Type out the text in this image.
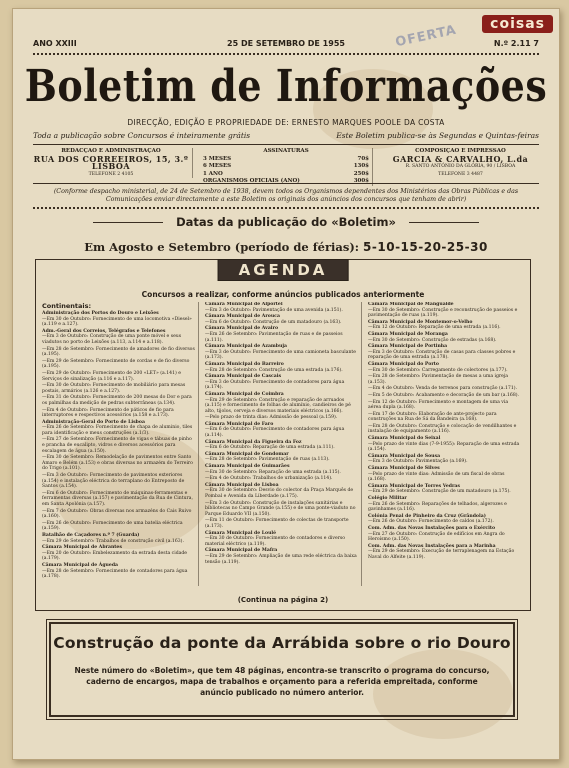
coisas
OFERTA
ANO XXIII	25 DE SETEMBRO DE 1955	N.º 2.11 7
Boletim de Informações
DIRECÇÃO, EDIÇÃO E PROPRIEDADE DE: ERNESTO MARQUES POOLE DA COSTA
Toda a publicação sobre Concursos é inteiramente grátis	Este Boletim publica-se às Segundas e Quintas-feiras
REDACÇÃO E ADMINISTRAÇÃO
RUA DOS CORREEIROS, 15, 3.º
LISBOA
TELEFONE 2 4105
ASSINATURAS
3 MESES	70$
6 MESES	130$
1 ANO	250$
ORGANISMOS OFICIAIS (ANO)	300$
COMPOSIÇÃO E IMPRESSÃO
GARCIA & CARVALHO, L.da
R. SANTO ANTÓNIO DA GLÓRIA, 90 / LISBOA
TELEFONE 3 4487
(Conforme despacho ministerial, de 24 de Setembro de 1938, devem todos os Organismos dependentes dos Ministérios das Obras Públicas e das Comunicações enviar directamente a este Boletim os originais dos anúncios dos concursos que tenham de abrir)
Datas da publicação do «Boletim»
Em Agosto e Setembro (período de férias): 5-10-15-20-25-30
AGENDA
Concursos a realizar, conforme anúncios publicados anteriormente
Continentais:
Administração dos Portos do Douro e Leixões
—Em 30 de Outubro: Fornecimento de uma locomotiva «Diesel» (a.119 e a.127).
Adm.-Geral dos Correios, Telégrafos e Telefones
—Em 3 de Outubro: Construção de uma ponte móvel e seus viadutos no porto de Leixões (a.113, a.114 e a.118).
—Em 28 de Setembro: Fornecimento de amadores de fio diversos (a.195).
—Em 29 de Setembro: Fornecimento de cordas e de fio diverso (a.195).
—Em 29 de Outubro: Fornecimento de 200 «LET» (a.141) e Serviços de sinalização (a.116 e a.117).
—Em 30 de Outubro: Fornecimento de mobiliário para mesas postais, armários (a.126 e a.127).
—Em 31 de Outubro: Fornecimento de 200 mesas do Dor e para os palmilhas da medição de pedras subterrâneas (a.134).
—Em 4 de Outubro: Fornecimento de páticos de fio para interruptores e respectivos acessórios (a.158 e a.173).
Administração-Geral do Porto de Lisboa
—Em 26 de Setembro: Fornecimento de chapa de aluminio, tiles para identificação e meus construções (a.1/3).
—Em 27 de Setembro: Fornecimento de vigas e tábuas de pinho e prancha de eucalipto, vidros e diversos acessórios para escalagem de água (a.150).
—Em 30 de Setembro: Remodelação de pavimentos entre Santo Amaro e Belém (a.153) e obras diversas no armazém do Terreiro do Trigo (a.101).
—Em 3 de Outubro: Fornecimento de pavimentos exteriores (a.154) e instalação eléctrica do terraplano do Entreposto de Santos (a.154).
—Em 6 de Outubro: Fornecimento de máquinas-ferramentas e ferramentas diversas (a.157) e pavimentação da Rua de Cintura, em Santa Apolónia (a.157).
—Em 7 de Outubro: Obras diversas nos armazéns do Cais Ruivo (a.160).
—Em 26 de Outubro: Fornecimento de uma batelia eléctrica (a.159).
Batalhão de Caçadores n.º 7 (Guarda)
—Em 29 de Setembro: Trabalhos de construção civil (a.163).
Câmara Municipal de Abrantes
—Em 20 de Outubro: Embelezamento da estrada desta cidade (a.179).
Câmara Municipal de Águeda
—Em 28 de Setembro: Fornecimento de contadores para água (a.178).
Câmara Municipal de Alportel
—Em 3 de Outubro: Pavimentação de uma avenida (a.151).
Câmara Municipal de Arouca
—Em 6 de Outubro: Construção de um matadouro (a.163).
Câmara Municipal de Avairo
—Em 26 de Setembro: Pavimentação de ruas e de passeios (a.111).
Câmara Municipal de Azambuja
—Em 3 de Outubro: Fornecimento de uma camioneta basculante (a.173).
Câmara Municipal do Barreiro
—Em 28 de Setembro: Construção de uma estrada (a.176).
Câmara Municipal de Cascais
—Em 3 de Outubro: Fornecimento de contadores para água (a.174).
Câmara Municipal de Coimbra
—Em 29 de Setembro: Construção e reparação de arruados (a.115) e fornecimento de folhas de alumínio, candieiros de pé alto, tijolos, cerveja e diversos materiais eléctricos (a.166).
—Pelo prazo de trinta dias: Admissão de pessoal (a.159).
Câmara Municipal de Faro
—Em 6 de Outubro: Fornecimento de contadores para água (a.114).
Câmara Municipal da Figueira da Foz
—Em 6 de Outubro: Reparação de uma estrada (a.111).
Câmara Municipal de Gondomar
—Em 28 de Setembro: Pavimentação de ruas (a.113).
Câmara Municipal de Guimarães
—Em 30 de Setembro: Reparação de uma estrada (a.115).
—Em 4 de Outubro: Trabalhos de urbanização (a.114).
Câmara Municipal de Lisboa
—Em 30 de Setembro: Desvio do colector da Praça Marquês de Pombal e Avenida da Liberdade (a.175).
—Em 3 de Outubro: Construção de instalações sanitárias e bibliotecas no Campo Grande (a.155) e de uma ponte-viaduto no Parque Eduardo VII (a.150).
—Em 11 de Outubro: Fornecimento de colectas de transporte (a.173).
Câmara Municipal de Loulé
—Em 30 de Outubro: Fornecimento de contadores e diverso material eléctrico (a.119).
Câmara Municipal de Mafra
—Em 29 de Setembro: Ampliação de uma rede eléctrica da baixa tensão (a.119).
Câmara Municipal de Mangualde
—Em 30 de Setembro: Construção e reconstrução de passeios e pavimentação de ruas (a.119).
Câmara Municipal de Montemor-o-Velho
—Em 12 de Outubro: Reparação de uma estrada (a.116).
Câmara Municipal de Moranga
—Em 30 de Setembro: Construção de estradas (a.168).
Câmara Municipal de Portinha
—Em 3 de Outubro: Construção de casas para classes pobres e reparação de uma estrada (a.178).
Câmara Municipal do Porto
—Em 30 de Setembro: Carregamento de colectores (a.177).
—Em 28 de Setembro: Pavimentação de mesas a uma igreja (a.153).
—Em 4 de Outubro: Venda de terrenos para construção (a.171).
—Em 5 de Outubro: Acabamento e decoração de um bar (a.168).
—Em 12 de Outubro: Fornecimento e montagem de uma via aérea dupla (a.168).
—Em 17 de Outubro: Elaboração de ante-projecto para construções na Rua de Sá da Bandeira (a.168).
—Em 28 de Outubro: Construção e colocação de vendilhantes e instalação de equipamento (a.116).
Câmara Municipal do Seixal
—Pelo prazo de vinte dias (7-9-1955): Reparação de uma estrada (a.154).
Câmara Municipal de Sousa
—Em 3 de Outubro: Pavimentação (a.169).
Câmara Municipal de Silves
—Pelo prazo de vinte dias: Admissão de um fiscal de obras (a.168).
Câmara Municipal de Torres Vedras
—Em 29 de Setembro: Construção de um matadouro (a.175).
Colégio Militar
—Em 26 de Setembro: Reparações de telhados, algerozes e gavinhames (a.116).
Colónia Penal de Pinheiro da Cruz (Grândola)
—Em 26 de Outubro: Fornecimento de caldos (a.172).
Com. Adm. das Novas Instalações para o Exército
—Em 27 de Outubro: Construção de edifícios em Angra do Heroísmo (a.150).
Com. Adm. das Novas Instalações para a Marinha
—Em 29 de Setembro: Execução de terraplenagem na Estação Naval do Alfeite (a.119).
(Continua na página 2)
Construção da ponte da Arrábida sobre o rio Douro

Neste número do «Boletim», que tem 48 páginas, encontra-se transcrito o programa do concurso, caderno de encargos, mapa de trabalhos e orçamento para a referida empreitada, conforme anúncio publicado no número anterior.
